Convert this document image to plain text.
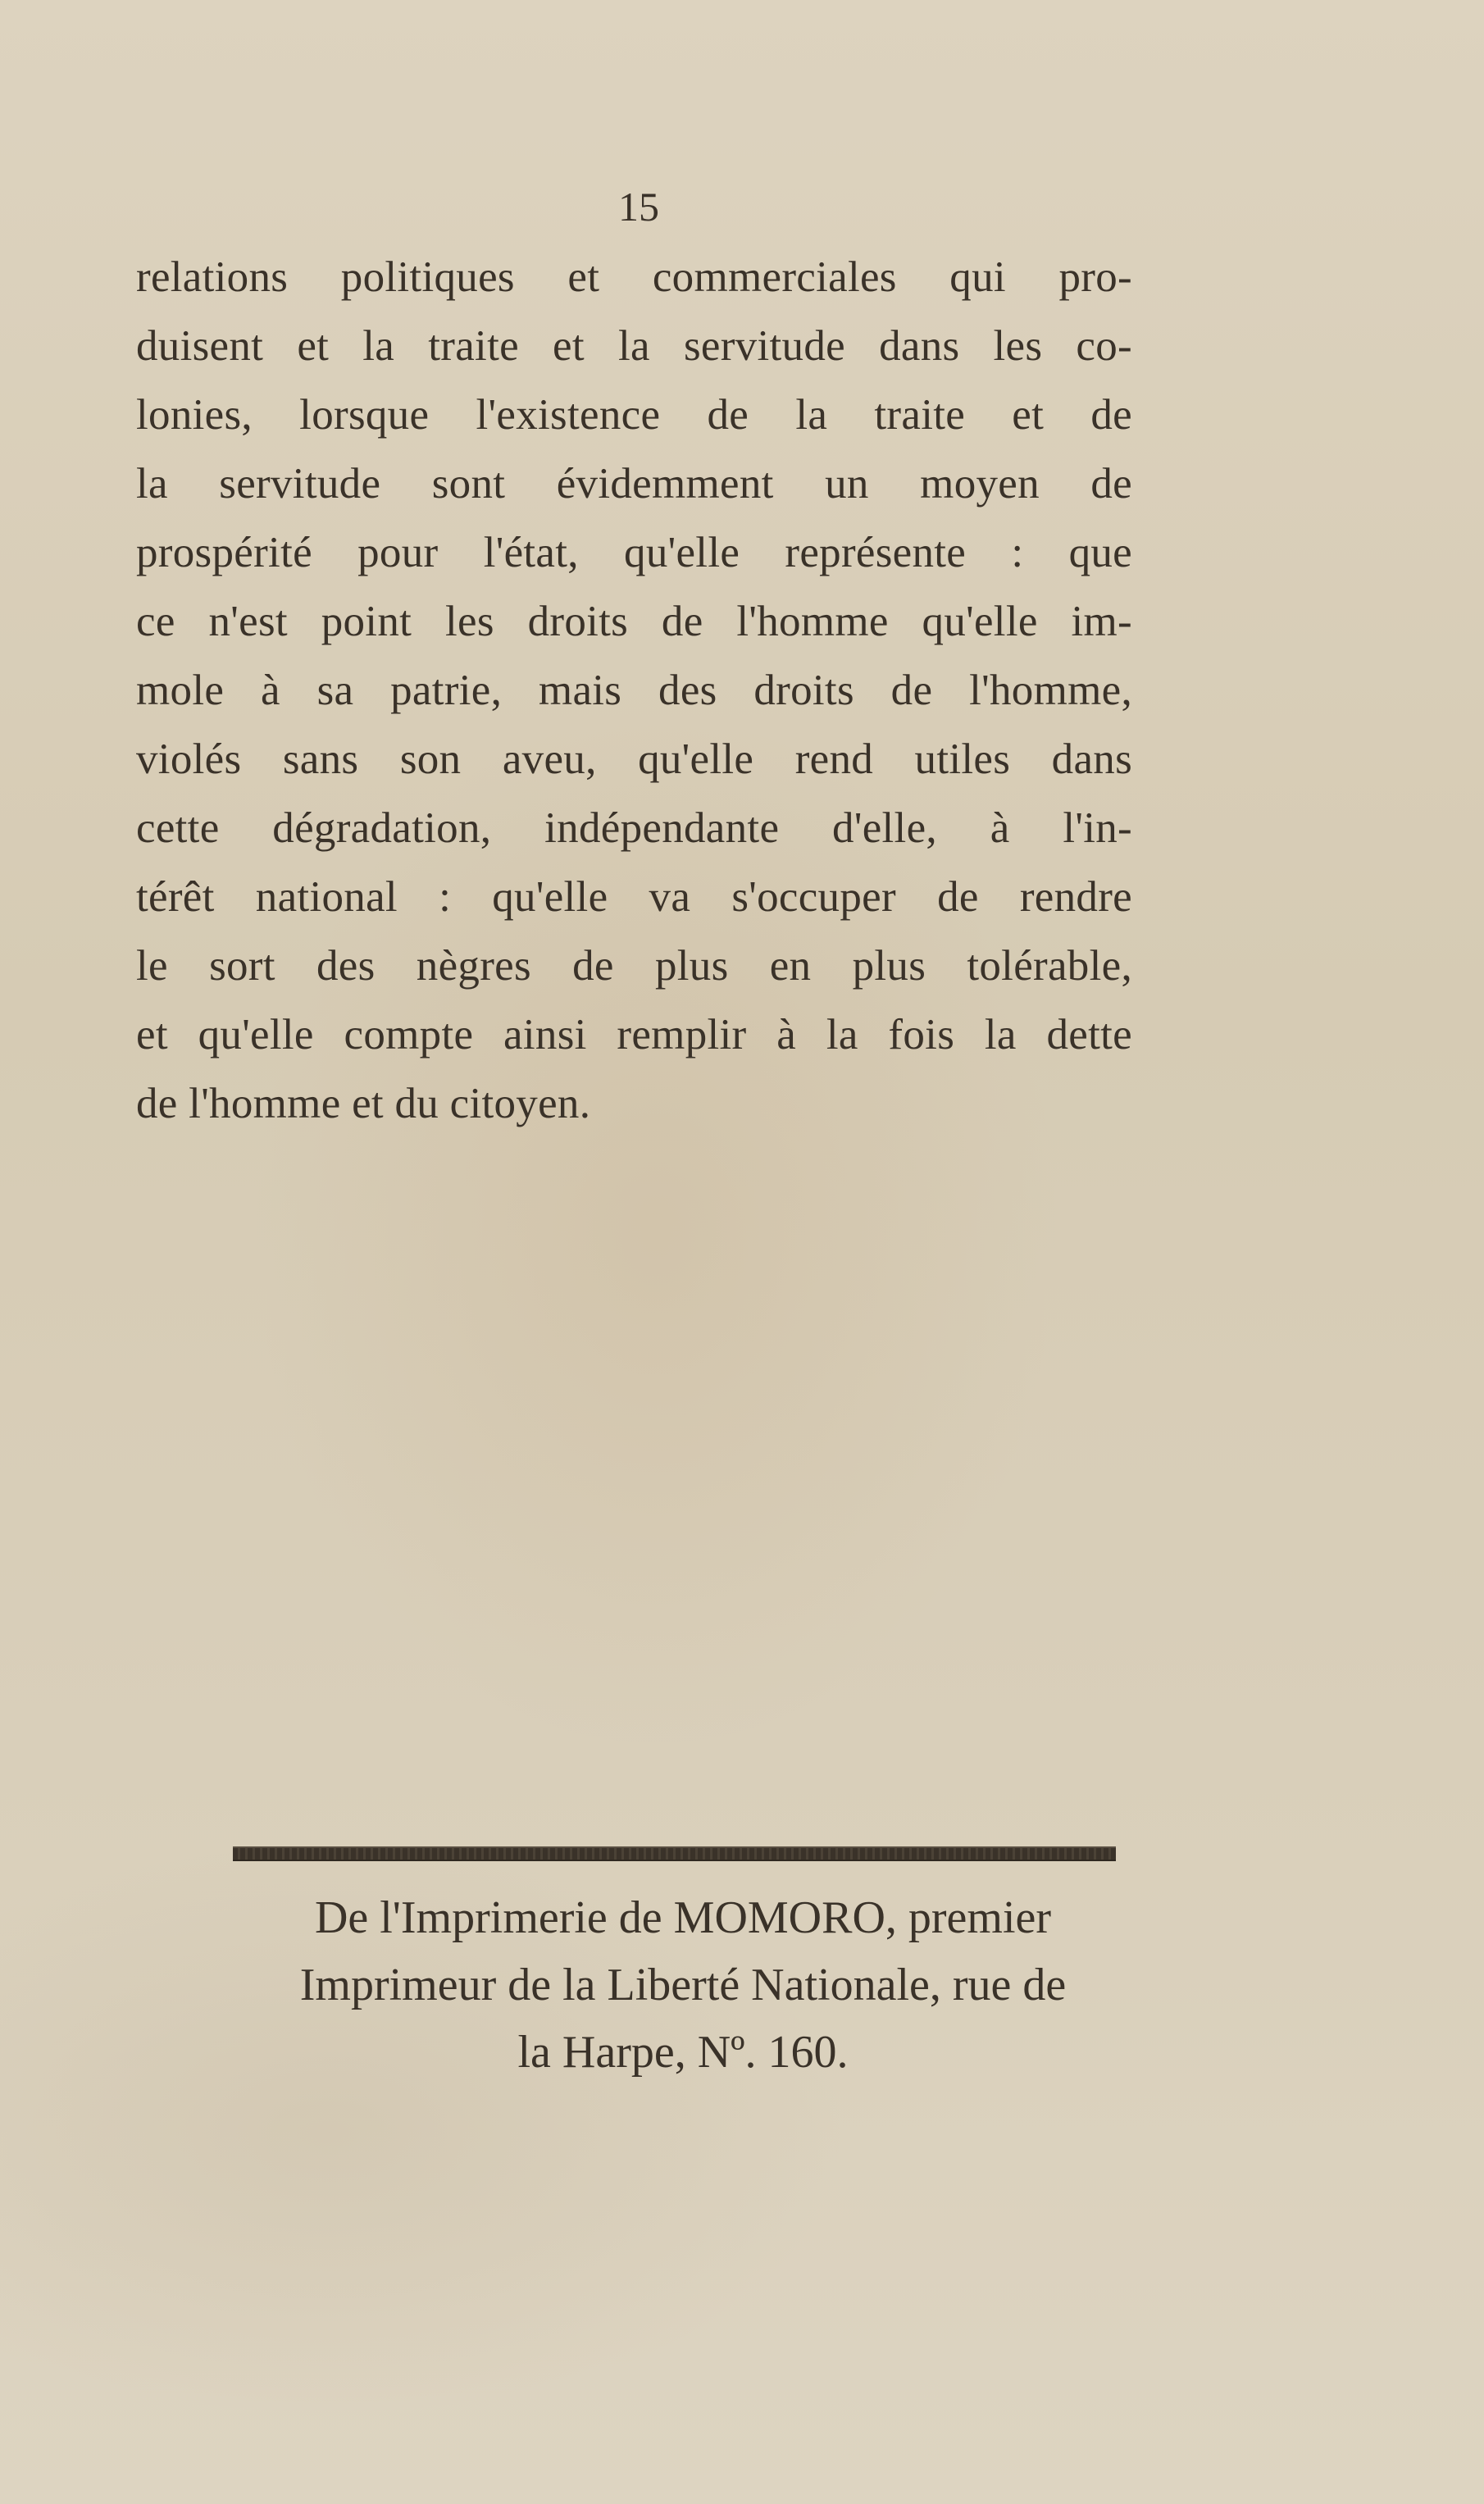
15
relations politiques et commerciales qui pro-
duisent et la traite et la servitude dans les co-
lonies, lorsque l'existence de la traite et de
la servitude sont évidemment un moyen de
prospérité pour l'état, qu'elle représente : que
ce n'est point les droits de l'homme qu'elle im-
mole à sa patrie, mais des droits de l'homme,
violés sans son aveu, qu'elle rend utiles dans
cette dégradation, indépendante d'elle, à l'in-
térêt national : qu'elle va s'occuper de rendre
le sort des nègres de plus en plus tolérable,
et qu'elle compte ainsi remplir à la fois la dette
de l'homme et du citoyen.
De l'Imprimerie de MOMORO, premier
Imprimeur de la Liberté Nationale, rue de
la Harpe, Nº. 160.
